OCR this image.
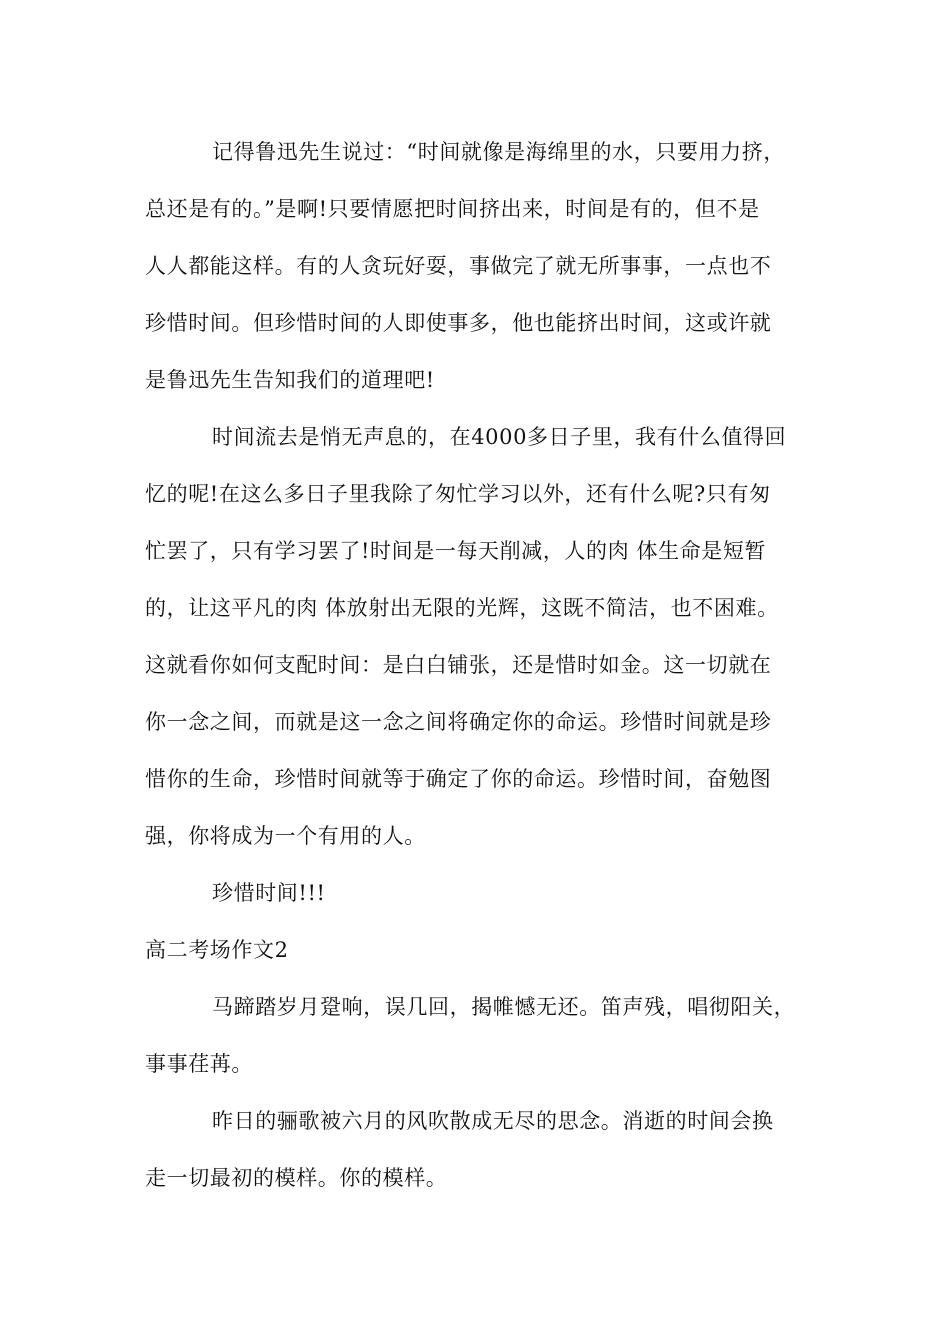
记得鲁迅先生说过：“时间就像是海绵里的水，只要用力挤，
总还是有的。”是啊!只要情愿把时间挤出来，时间是有的，但不是
人人都能这样。有的人贪玩好耍，事做完了就无所事事，一点也不
珍惜时间。但珍惜时间的人即使事多，他也能挤出时间，这或许就
是鲁迅先生告知我们的道理吧!
时间流去是悄无声息的，在4000多日子里，我有什么值得回
忆的呢!在这么多日子里我除了匆忙学习以外，还有什么呢?只有匆
忙罢了，只有学习罢了!时间是一每天削减，人的肉 体生命是短暂
的，让这平凡的肉 体放射出无限的光辉，这既不简洁，也不困难。
这就看你如何支配时间：是白白铺张，还是惜时如金。这一切就在
你一念之间，而就是这一念之间将确定你的命运。珍惜时间就是珍
惜你的生命，珍惜时间就等于确定了你的命运。珍惜时间，奋勉图
强，你将成为一个有用的人。
珍惜时间!!!
高二考场作文2
马蹄踏岁月跫响，误几回，揭帷憾无还。笛声残，唱彻阳关，
事事荏苒。
昨日的骊歌被六月的风吹散成无尽的思念。消逝的时间会换
走一切最初的模样。你的模样。
